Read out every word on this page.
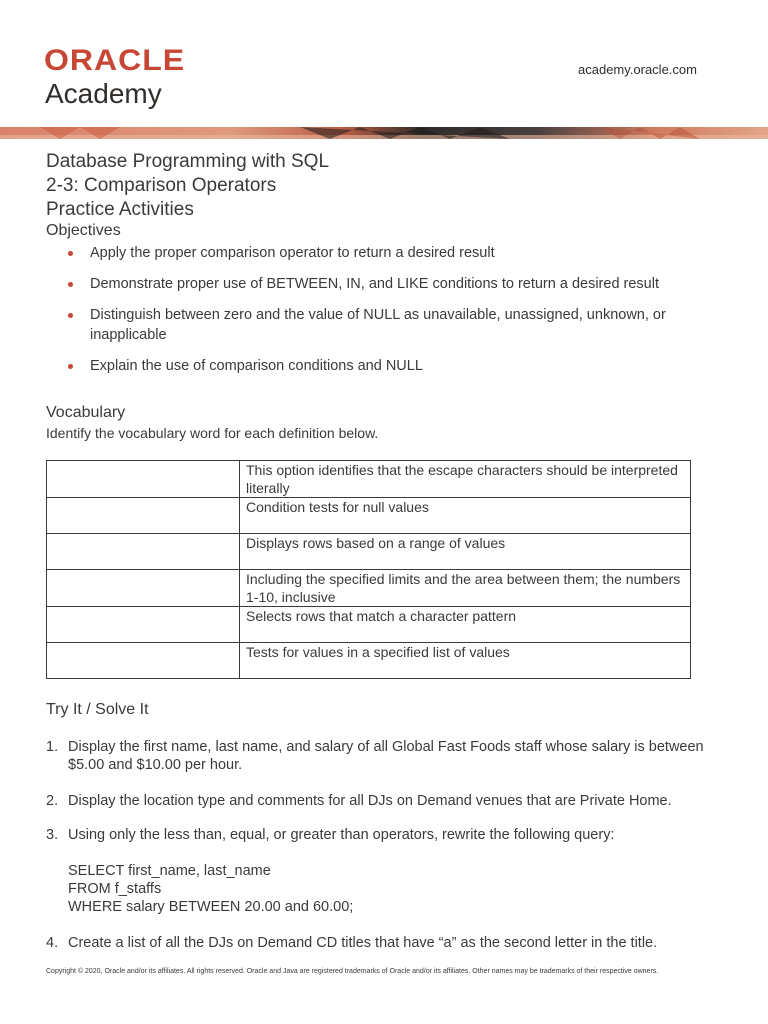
ORACLE
Academy
academy.oracle.com
Database Programming with SQL
2-3: Comparison Operators
Practice Activities
Objectives
Apply the proper comparison operator to return a desired result
Demonstrate proper use of BETWEEN, IN, and LIKE conditions to return a desired result
Distinguish between zero and the value of NULL as unavailable, unassigned, unknown, or inapplicable
Explain the use of comparison conditions and NULL
Vocabulary
Identify the vocabulary word for each definition below.
	This option identifies that the escape characters should be interpreted literally
	Condition tests for null values
	Displays rows based on a range of values
	Including the specified limits and the area between them; the numbers 1-10, inclusive
	Selects rows that match a character pattern
	Tests for values in a specified list of values
Try It / Solve It
1. Display the first name, last name, and salary of all Global Fast Foods staff whose salary is between $5.00 and $10.00 per hour.
2. Display the location type and comments for all DJs on Demand venues that are Private Home.
3. Using only the less than, equal, or greater than operators, rewrite the following query:
SELECT first_name, last_name
FROM f_staffs
WHERE salary BETWEEN 20.00 and 60.00;
4. Create a list of all the DJs on Demand CD titles that have “a” as the second letter in the title.
Copyright © 2020, Oracle and/or its affiliates. All rights reserved. Oracle and Java are registered trademarks of Oracle and/or its affiliates. Other names may be trademarks of their respective owners.
